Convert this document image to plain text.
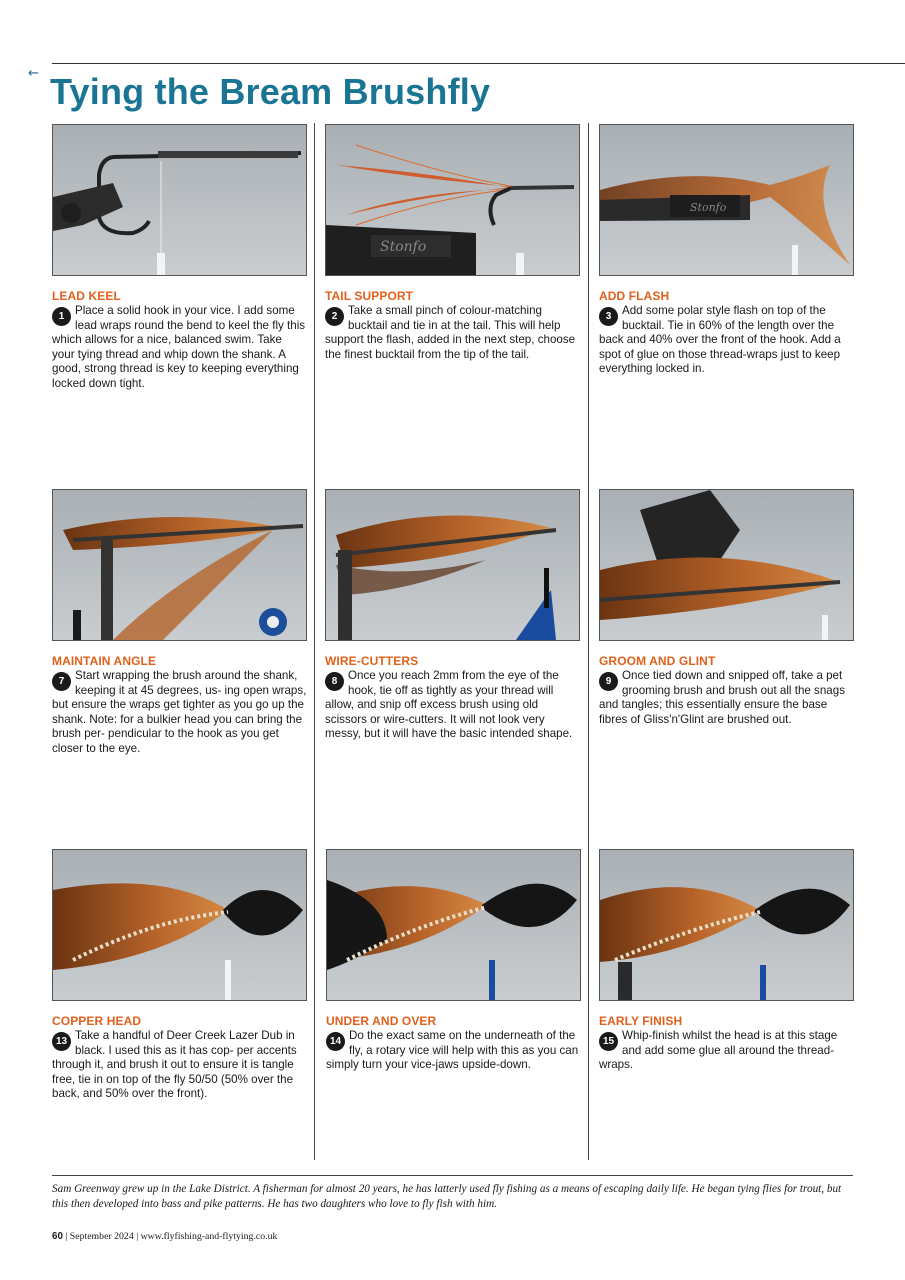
← Tying the Bream Brushfly
LEAD KEEL

1 Place a solid hook in your vice. I add some lead wraps round the bend to keel the fly this which allows for a nice, balanced swim. Take your tying thread and whip down the shank. A good, strong thread is key to keeping everything locked down tight.

Stonfo
TAIL SUPPORT

2 Take a small pinch of colour-matching bucktail and tie in at the tail. This will help support the flash, added in the next step, choose the finest bucktail from the tip of the tail.

Stonfo
ADD FLASH

3 Add some polar style flash on top of the bucktail. Tie in 60% of the length over the back and 40% over the front of the hook. Add a spot of glue on those thread-wraps just to keep everything locked in.

MAINTAIN ANGLE

7 Start wrapping the brush around the shank, keeping it at 45 degrees, us- ing open wraps, but ensure the wraps get tighter as you go up the shank. Note: for a bulkier head you can bring the brush per- pendicular to the hook as you get closer to the eye.

WIRE-CUTTERS

8 Once you reach 2mm from the eye of the hook, tie off as tightly as your thread will allow, and snip off excess brush using old scissors or wire-cutters. It will not look very messy, but it will have the basic intended shape.

GROOM AND GLINT

9 Once tied down and snipped off, take a pet grooming brush and brush out all the snags and tangles; this essentially ensure the base fibres of Gliss'n'Glint are brushed out.

COPPER HEAD

13 Take a handful of Deer Creek Lazer Dub in black. I used this as it has cop- per accents through it, and brush it out to ensure it is tangle free, tie in on top of the fly 50/50 (50% over the back, and 50% over the front).

UNDER AND OVER

14 Do the exact same on the underneath of the fly, a rotary vice will help with this as you can simply turn your vice-jaws upside-down.

EARLY FINISH

15 Whip-finish whilst the head is at this stage and add some glue all around the thread-wraps.

Sam Greenway grew up in the Lake District. A fisherman for almost 20 years, he has latterly used fly fishing as a means of escaping daily life. He began tying flies for trout, but this then developed into bass and pike patterns. He has two daughters who love to fly fish with him.

60 | September 2024 | www.flyfishing-and-flytying.co.uk
